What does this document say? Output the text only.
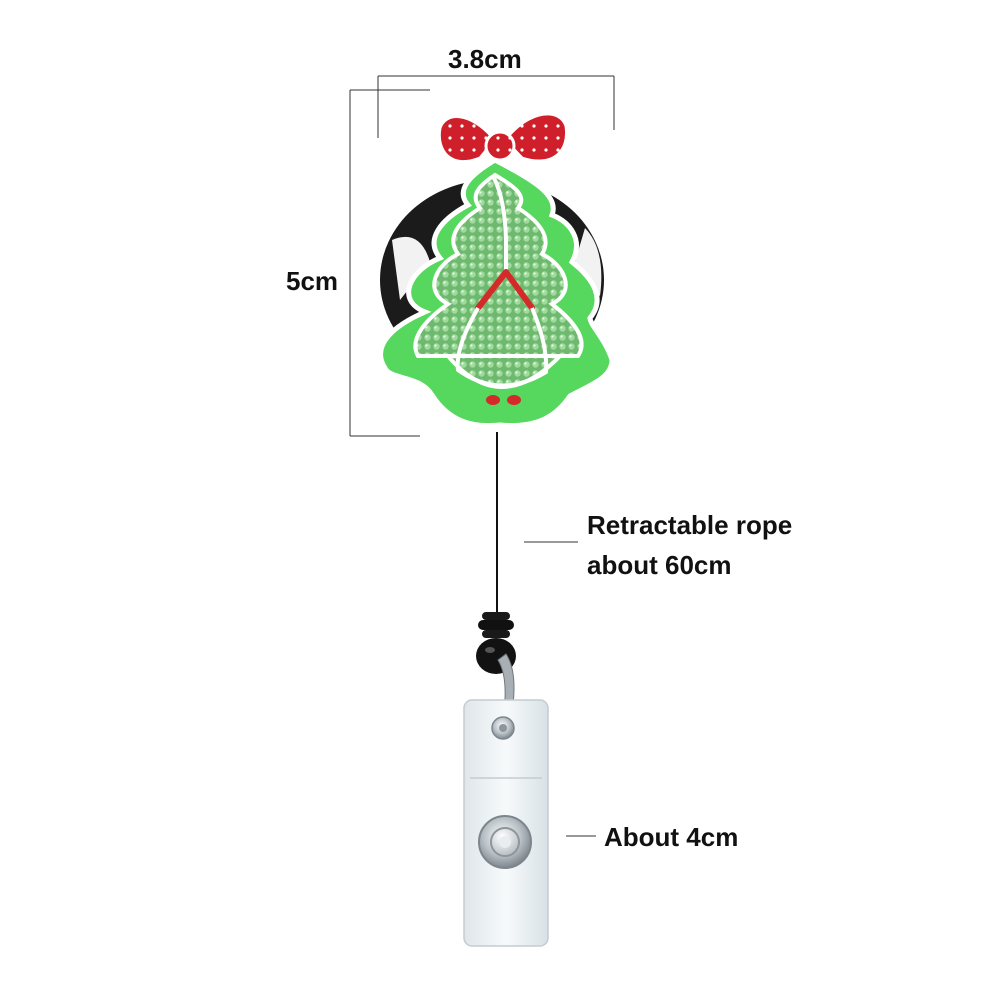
3.8cm
5cm
Retractable rope
about 60cm
About 4cm
